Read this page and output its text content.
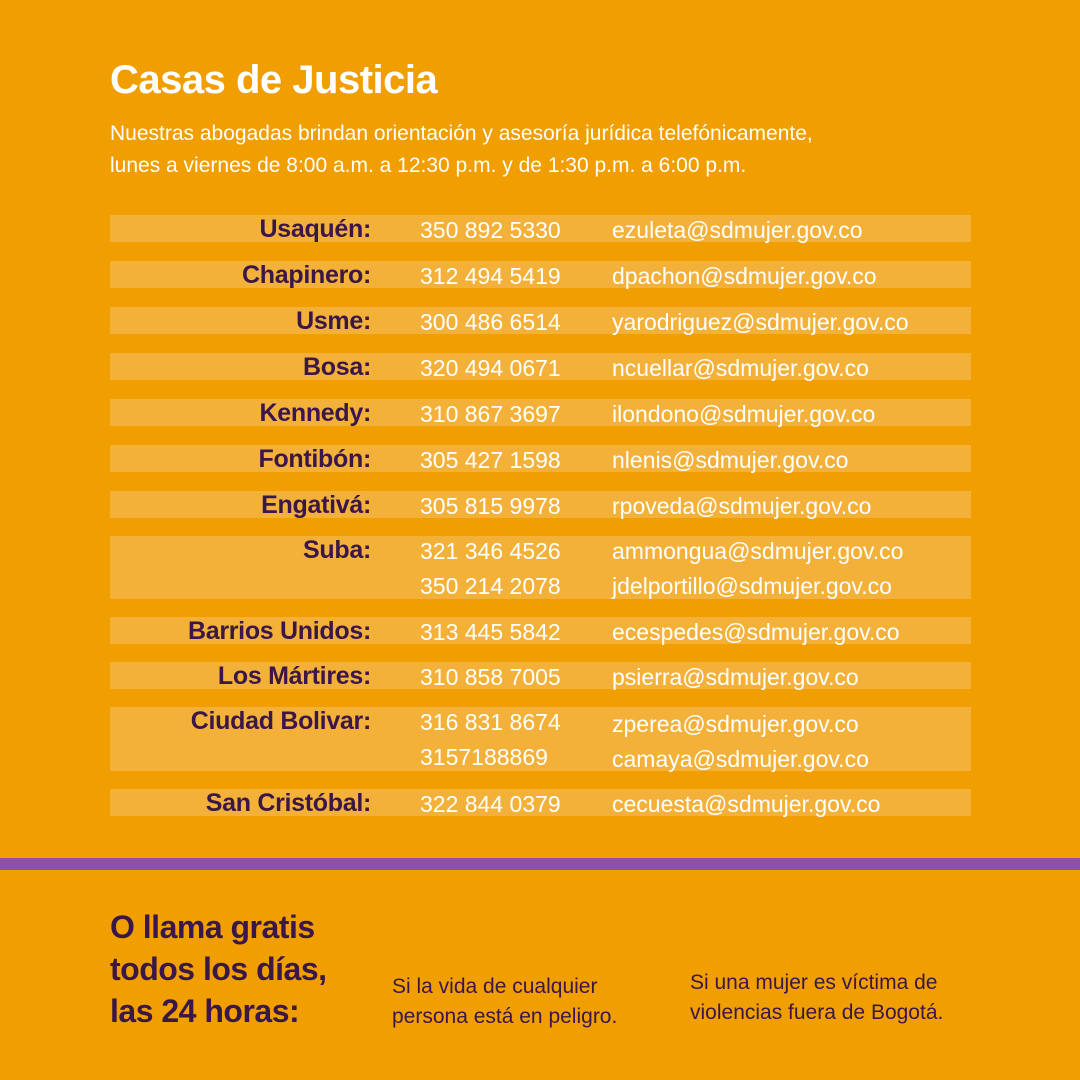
Casas de Justicia
Nuestras abogadas brindan orientación y asesoría jurídica telefónicamente,
lunes a viernes de 8:00 a.m. a 12:30 p.m. y de 1:30 p.m. a 6:00 p.m.
Usaquén: 350 892 5330 ezuleta@sdmujer.gov.co
Chapinero: 312 494 5419 dpachon@sdmujer.gov.co
Usme: 300 486 6514 yarodriguez@sdmujer.gov.co
Bosa: 320 494 0671 ncuellar@sdmujer.gov.co
Kennedy: 310 867 3697 ilondono@sdmujer.gov.co
Fontibón: 305 427 1598 nlenis@sdmujer.gov.co
Engativá: 305 815 9978 rpoveda@sdmujer.gov.co
Suba: 321 346 4526
350 214 2078
ammongua@sdmujer.gov.co
jdelportillo@sdmujer.gov.co
Barrios Unidos: 313 445 5842 ecespedes@sdmujer.gov.co
Los Mártires: 310 858 7005 psierra@sdmujer.gov.co
Ciudad Bolivar: 316 831 8674
3157188869
zperea@sdmujer.gov.co
camaya@sdmujer.gov.co
San Cristóbal: 322 844 0379 cecuesta@sdmujer.gov.co
O llama gratis
todos los días,
las 24 horas:
Si la vida de cualquier
persona está en peligro.
Si una mujer es víctima de
violencias fuera de Bogotá.
